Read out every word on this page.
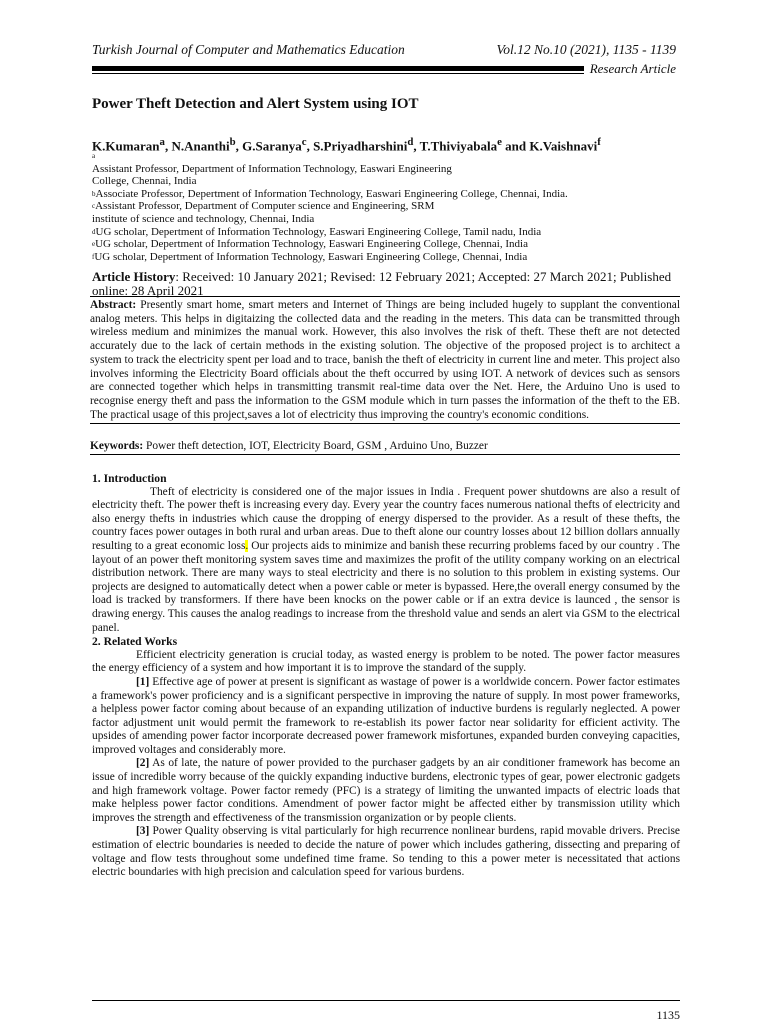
Turkish Journal of Computer and Mathematics Education	Vol.12 No.10 (2021), 1135 - 1139
Research Article
Power Theft Detection and Alert System using IOT
K.Kumaran$^a$, N.Ananthi$^b$, G.Saranya$^c$, S.Priyadharshini$^d$, T.Thiviyabala$^e$ and K.Vaishnavi$^f$
$^a$
Assistant Professor, Department of Information Technology, Easwari Engineering
College, Chennai, India
$^b$Associate Professor, Depertment of Information Technology, Easwari Engineering College, Chennai, India.
$^c$Assistant Professor, Department of Computer science and Engineering, SRM
institute of science and technology, Chennai, India
$^d$UG scholar, Depertment of Information Technology, Easwari Engineering College, Tamil nadu, India
$^e$UG scholar, Depertment of Information Technology, Easwari Engineering College, Chennai, India
$^f$UG scholar, Depertment of Information Technology, Easwari Engineering College, Chennai, India
Article History: Received: 10 January 2021; Revised: 12 February 2021; Accepted: 27 March 2021; Published online: 28 April 2021
Abstract: Presently smart home, smart meters and Internet of Things are being included hugely to supplant the conventional analog meters. This helps in digitaizing the collected data and the reading in the meters. This data can be transmitted through wireless medium and minimizes the manual work. However, this also involves the risk of theft. These theft are not detected accurately due to the lack of certain methods in the existing solution. The objective of the proposed project is to architect a system to track the electricity spent per load and to trace, banish the theft of electricity in current line and meter. This project also involves informing the Electricity Board officials about the theft occurred by using IOT. A network of devices such as sensors are connected together which helps in transmitting transmit real-time data over the Net. Here, the Arduino Uno is used to recognise energy theft and pass the information to the GSM module which in turn passes the information of the theft to the EB. The practical usage of this project,saves a lot of electricity thus improving the country's economic conditions.
Keywords: Power theft detection, IOT, Electricity Board, GSM , Arduino Uno, Buzzer

1. Introduction

Theft of electricity is considered one of the major issues in India . Frequent power shutdowns are also a result of electricity theft. The power theft is increasing every day. Every year the country faces numerous national thefts of electricity and also energy thefts in industries which cause the dropping of energy dispersed to the provider. As a result of these thefts, the country faces power outages in both rural and urban areas. Due to theft alone our country losses about 12 billion dollars annually resulting to a great economic loss. Our projects aids to minimize and banish these recurring problems faced by our country . The layout of an power theft monitoring system saves time and maximizes the profit of the utility company working on an electrical distribution network. There are many ways to steal electricity and there is no solution to this problem in existing systems. Our projects are designed to automatically detect when a power cable or meter is bypassed. Here,the overall energy consumed by the load is tracked by transformers. If there have been knocks on the power cable or if an extra device is launced , the sensor is drawing energy. This causes the analog readings to increase from the threshold value and sends an alert via GSM to the electrical panel.

2. Related Works

Efficient electricity generation is crucial today, as wasted energy is problem to be noted. The power factor measures the energy efficiency of a system and how important it is to improve the standard of the supply.

[1] Effective age of power at present is significant as wastage of power is a worldwide concern. Power factor estimates a framework's power proficiency and is a significant perspective in improving the nature of supply. In most power frameworks, a helpless power factor coming about because of an expanding utilization of inductive burdens is regularly neglected. A power factor adjustment unit would permit the framework to re-establish its power factor near solidarity for efficient activity. The upsides of amending power factor incorporate decreased power framework misfortunes, expanded burden conveying capacities, improved voltages and considerably more.

[2] As of late, the nature of power provided to the purchaser gadgets by an air conditioner framework has become an issue of incredible worry because of the quickly expanding inductive burdens, electronic types of gear, power electronic gadgets and high framework voltage. Power factor remedy (PFC) is a strategy of limiting the unwanted impacts of electric loads that make helpless power factor conditions. Amendment of power factor might be affected either by transmission utility which improves the strength and effectiveness of the transmission organization or by people clients.

[3] Power Quality observing is vital particularly for high recurrence nonlinear burdens, rapid movable drivers. Precise estimation of electric boundaries is needed to decide the nature of power which includes gathering, dissecting and preparing of voltage and flow tests throughout some undefined time frame. So tending to this a power meter is necessitated that actions electric boundaries with high precision and calculation speed for various burdens.

1135
